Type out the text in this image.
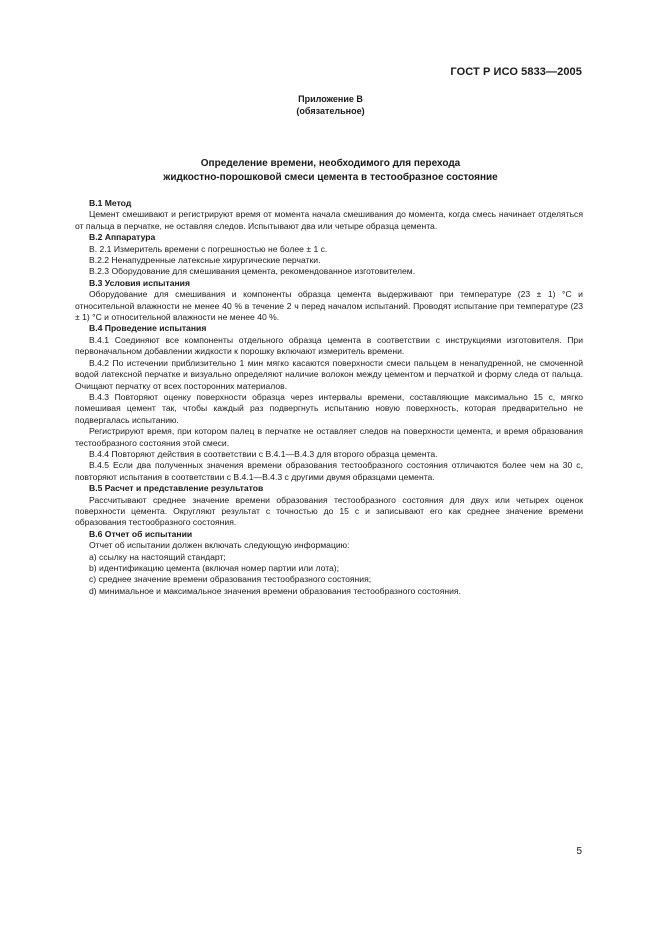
ГОСТ Р ИСО 5833—2005
Приложение В
(обязательное)
Определение времени, необходимого для перехода
жидкостно-порошковой смеси цемента в тестообразное состояние
В.1 Метод

Цемент смешивают и регистрируют время от момента начала смешивания до момента, когда смесь начинает отделяться от пальца в перчатке, не оставляя следов. Испытывают два или четыре образца цемента.

В.2 Аппаратура

В. 2.1 Измеритель времени с погрешностью не более ± 1 с.

В.2.2 Ненапудренные латексные хирургические перчатки.

В.2.3 Оборудование для смешивания цемента, рекомендованное изготовителем.

В.3 Условия испытания

Оборудование для смешивания и компоненты образца цемента выдерживают при температуре (23 ± 1) °С и относительной влажности не менее 40 % в течение 2 ч перед началом испытаний. Проводят испытание при температуре (23 ± 1) °С и относительной влажности не менее 40 %.

В.4 Проведение испытания

В.4.1 Соединяют все компоненты отдельного образца цемента в соответствии с инструкциями изготовителя. При первоначальном добавлении жидкости к порошку включают измеритель времени.

В.4.2 По истечении приблизительно 1 мин мягко касаются поверхности смеси пальцем в ненапудренной, не смоченной водой латексной перчатке и визуально определяют наличие волокон между цементом и перчаткой и форму следа от пальца. Очищают перчатку от всех посторонних материалов.

В.4.3 Повторяют оценку поверхности образца через интервалы времени, составляющие максимально 15 с, мягко помешивая цемент так, чтобы каждый раз подвергнуть испытанию новую поверхность, которая предварительно не подвергалась испытанию.

Регистрируют время, при котором палец в перчатке не оставляет следов на поверхности цемента, и время образования тестообразного состояния этой смеси.

В.4.4 Повторяют действия в соответствии с В.4.1—В.4.3 для второго образца цемента.

В.4.5 Если два полученных значения времени образования тестообразного состояния отличаются более чем на 30 с, повторяют испытания в соответствии с В.4.1—В.4.3 с другими двумя образцами цемента.

В.5 Расчет и представление результатов

Рассчитывают среднее значение времени образования тестообразного состояния для двух или четырех оценок поверхности цемента. Округляют результат с точностью до 15 с и записывают его как среднее значение времени образования тестообразного состояния.

В.6 Отчет об испытании

Отчет об испытании должен включать следующую информацию:

a) ссылку на настоящий стандарт;

b) идентификацию цемента (включая номер партии или лота);

c) среднее значение времени образования тестообразного состояния;

d) минимальное и максимальное значения времени образования тестообразного состояния.

5
